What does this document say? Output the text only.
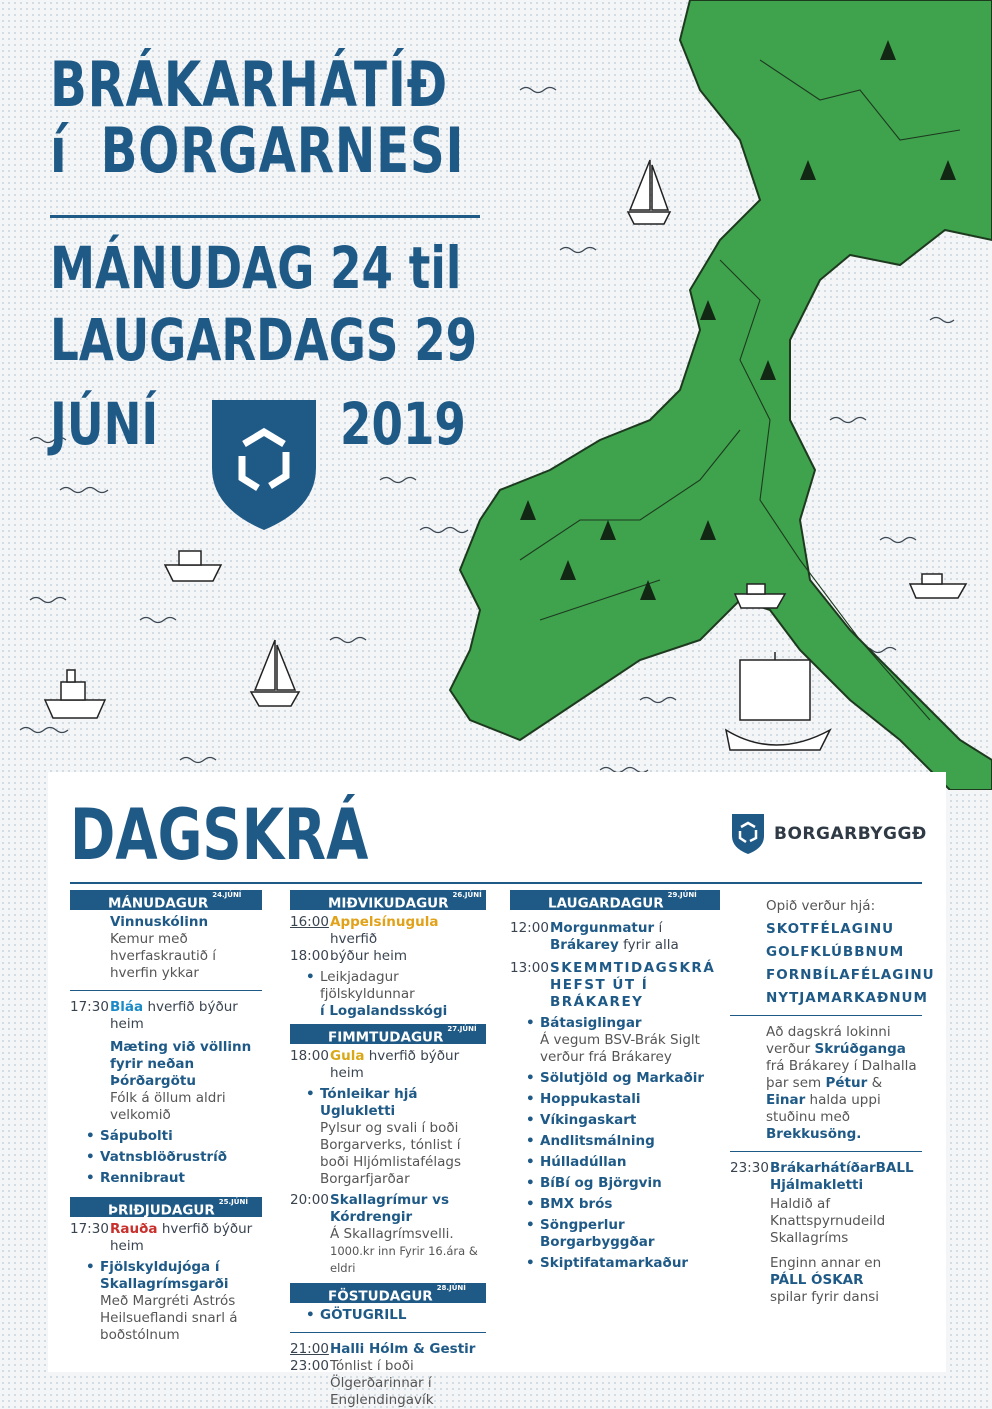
BRÁKARHÁTÍÐ
í BORGARNESI
MÁNUDAG 24 til
LAUGARDAGS 29
JÚNÍ	2019
DAGSKRÁ	BORGARBYGGÐ
$MÁNUDAGUR^{24.JÚNÍ}$
Vinnuskólinn
Kemur með hverfaskrautið í hverfin ykkar
17:30 Bláa hverfið býður heim
Mæting við völlinn fyrir neðan Þórðargötu
Fólk á öllum aldri velkomið
• Sápubolti
• Vatnsblöðrustríð
• Rennibraut
$ÞRIÐJUDAGUR^{25.JÚNÍ}$
17:30 Rauða hverfið býður heim
• Fjölskyldujóga í Skallagrímsgarði
Með Margréti Astrós Heilsueflandi snarl á boðstólnum
$MIÐVIKUDAGUR^{26.JÚNÍ}$
16:00 Appelsínugula hverfið
18:00 býður heim
• Leikjadagur fjölskyldunnar
í Logalandsskógi
$FIMMTUDAGUR^{27.JÚNÍ}$
18:00 Gula hverfið býður heim
• Tónleikar hjá Uglukletti
Pylsur og svali í boði Borgarverks, tónlist í boði Hljómlistafélags Borgarfjarðar
20:00 Skallagrímur vs Kórdrengir
Á Skallagrímsvelli.
1000.kr inn Fyrir 16.ára & eldri
$FÖSTUDAGUR^{28.JÚNÍ}$
• GÖTUGRILL
21:00 Halli Hólm & Gestir
23:00 Tónlist í boði Ölgerðarinnar í Englendingavík
$LAUGARDAGUR^{29.JÚNÍ}$
12:00 Morgunmatur í
Brákarey fyrir alla
13:00 SKEMMTIDAGSKRÁ HEFST ÚT Í BRÁKAREY
• Bátasiglingar
Á vegum BSV-Brák Siglt verður frá Brákarey
• Sölutjöld og Markaðir
• Hoppukastali
• Víkingaskart
• Andlitsmálning
• Húlladúllan
• BíBí og Björgvin
• BMX brós
• Söngperlur Borgarbyggðar
• Skiptifatamarkaður
Opið verður hjá:
SKOTFÉLAGINU
GOLFKLÚBBNUM
FORNBÍLAFÉLAGINU
NYTJAMARKAÐNUM
Að dagskrá lokinni verður Skrúðganga frá Brákarey í Dalhalla þar sem Pétur & Einar halda uppi stuðinu með Brekkusöng.
23:30 BrákarhátíðarBALL Hjálmakletti
Haldið af Knattspyrnudeild Skallagríms
Enginn annar en
PÁLL ÓSKAR
spilar fyrir dansi
